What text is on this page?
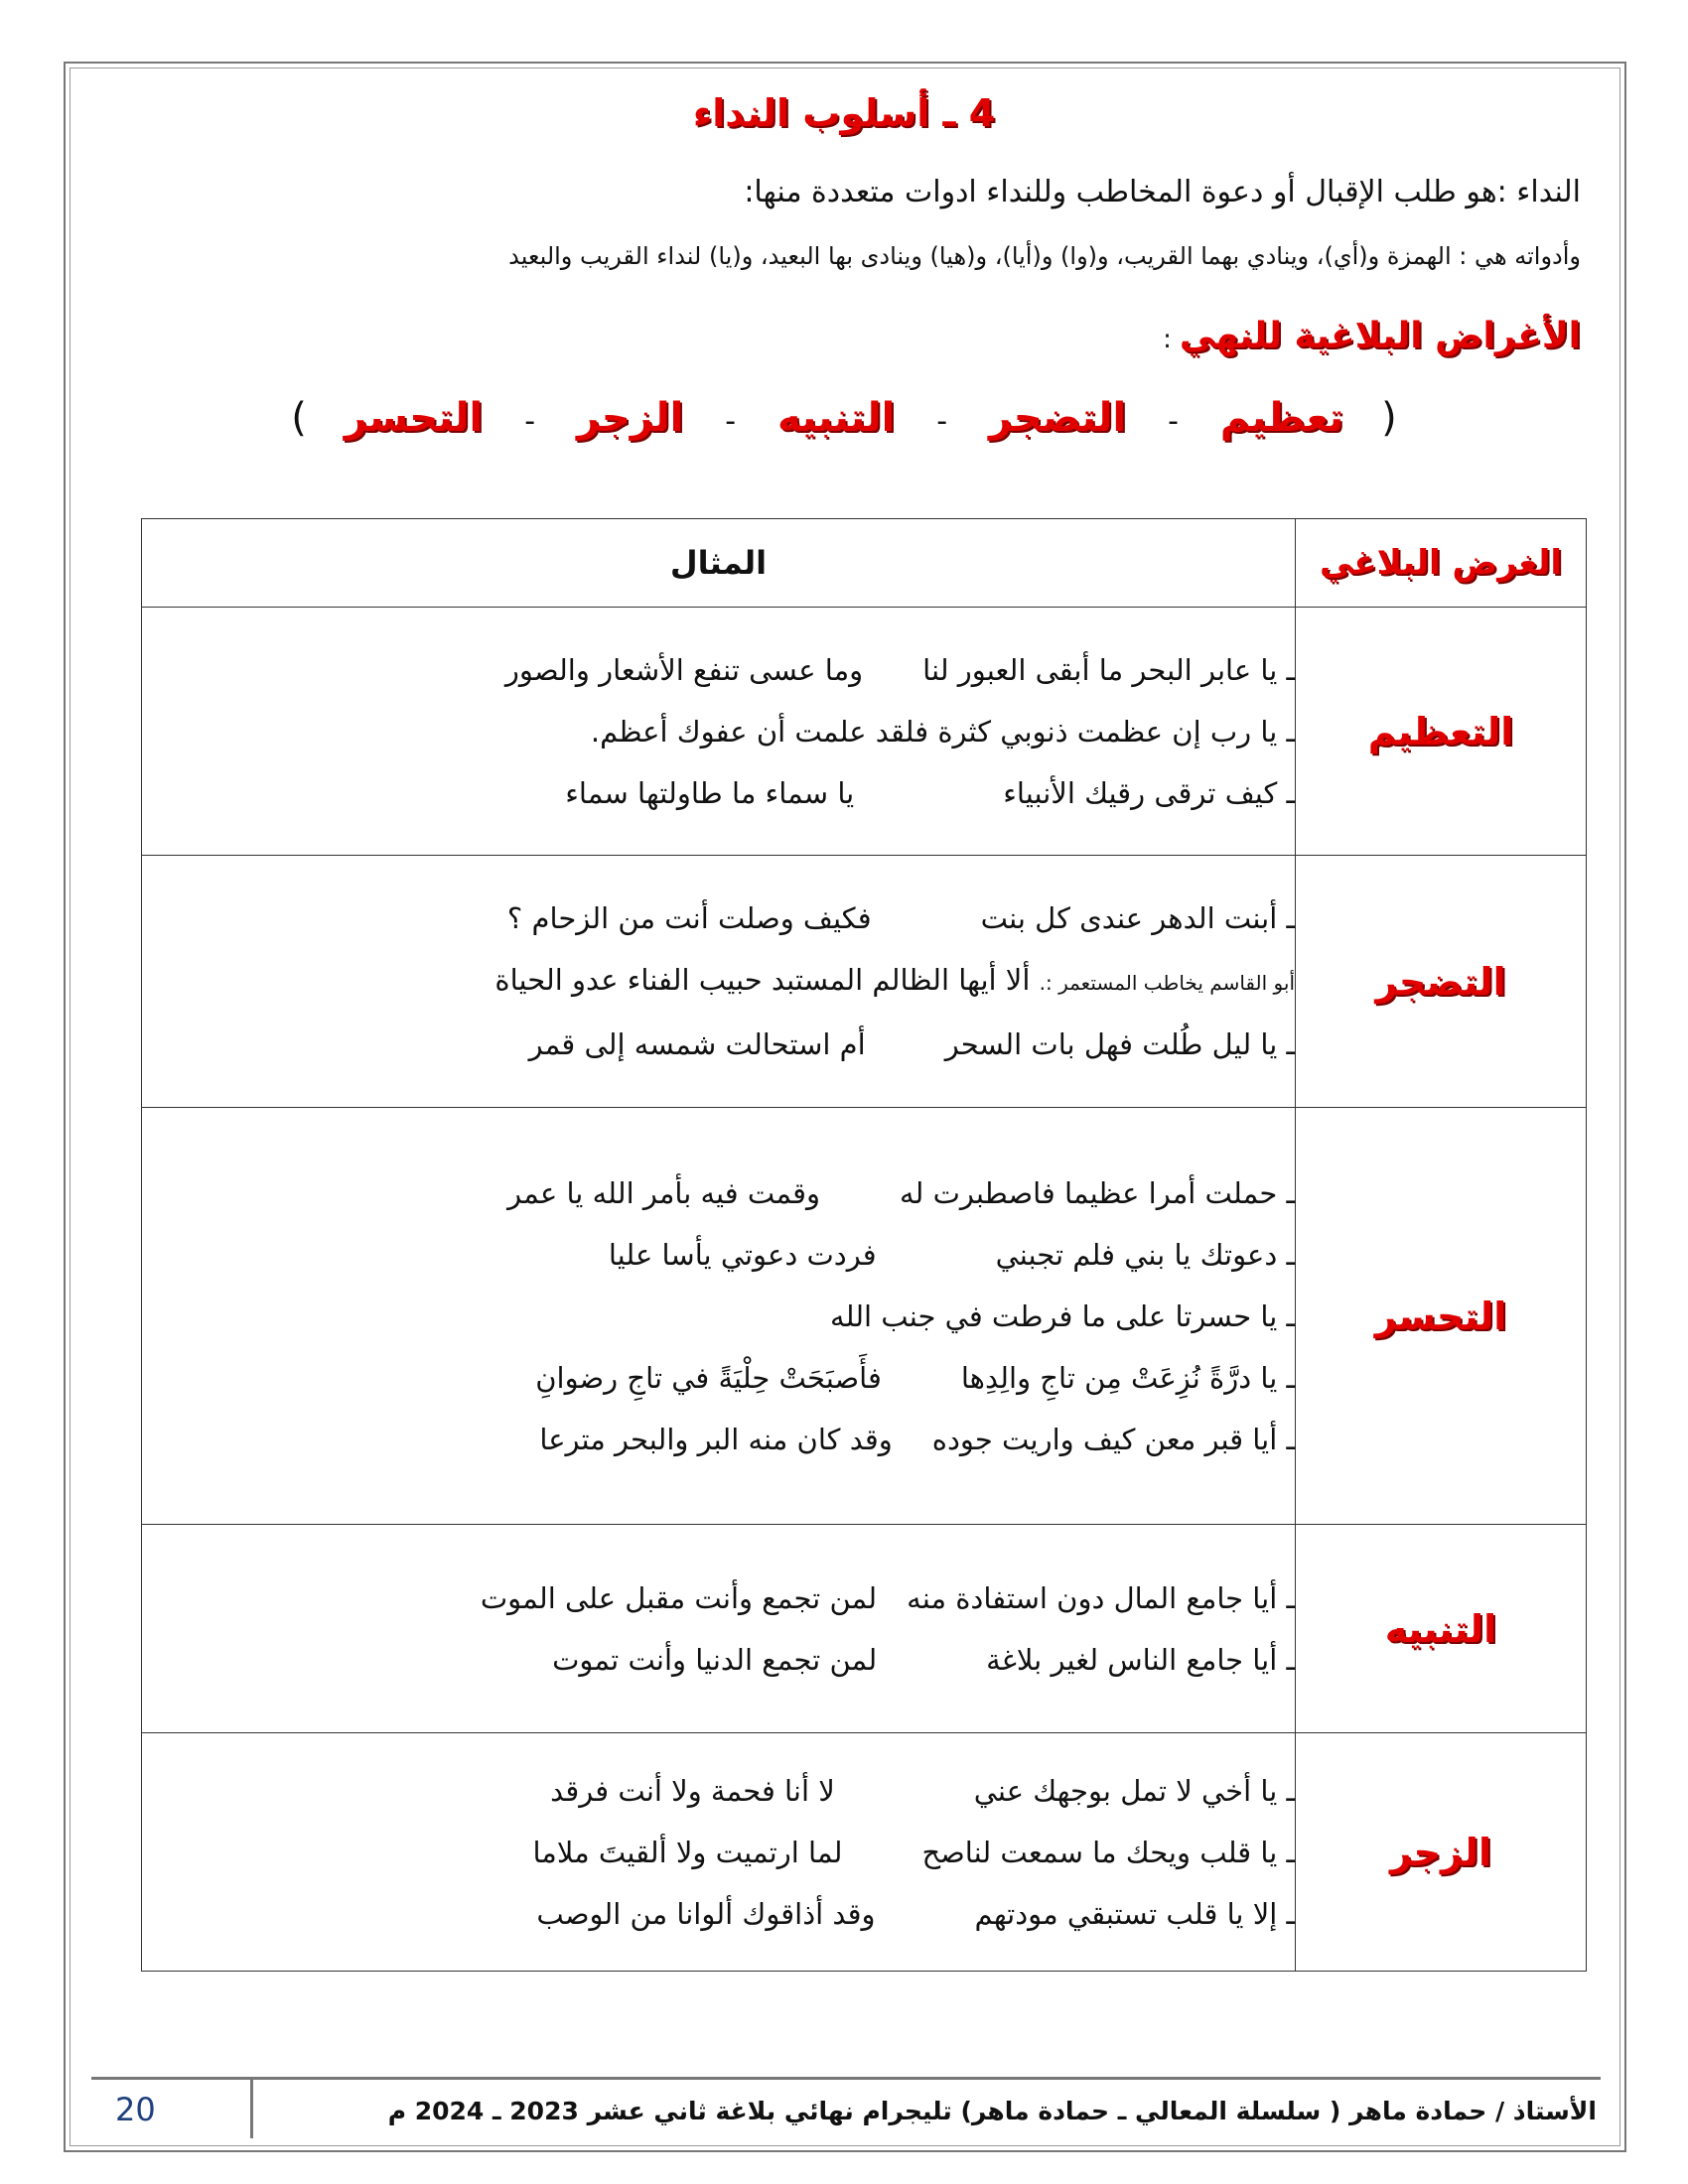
4 ـ أسلوب النداء
النداء :هو طلب الإقبال أو دعوة المخاطب وللنداء ادوات متعددة منها:
وأدواته هي : الهمزة و(أي)، وينادي بهما القريب، و(وا) و(أيا)، و(هيا) وينادى بها البعيد، و(يا) لنداء القريب والبعيد
الأغراض البلاغية للنهي:
( تعظيم - التضجر - التنبيه - الزجر - التحسر )
الغرض البلاغي	المثال
التعظيم	ـ يا عابر البحر ما أبقى العبور لناوما عسى تنفع الأشعار والصور
ـ يا رب إن عظمت ذنوبي كثرة فلقد علمت أن عفوك أعظم.
ـ كيف ترقى رقيك الأنبياءيا سماء ما طاولتها سماء

التضجر	ـ أبنت الدهر عندى كل بنتفكيف وصلت أنت من الزحام ؟
أبو القاسم يخاطب المستعمر :. ألا أيها الظالم المستبد حبيب الفناء عدو الحياة
ـ يا ليل طُلت فهل بات السحرأم استحالت شمسه إلى قمر

التحسر	ـ حملت أمرا عظيما فاصطبرت لهوقمت فيه بأمر الله يا عمر
ـ دعوتك يا بني فلم تجبنيفردت دعوتي يأسا عليا
ـ يا حسرتا على ما فرطت في جنب الله
ـ يا درَّةً نُزِعَتْ مِن تاجِ والِدِهافأَصبَحَتْ حِلْيَةً في تاجِ رضوانِ
ـ أيا قبر معن كيف واريت جودهوقد كان منه البر والبحر مترعا

التنبيه	ـ أيا جامع المال دون استفادة منهلمن تجمع وأنت مقبل على الموت
ـ أيا جامع الناس لغير بلاغةلمن تجمع الدنيا وأنت تموت

الزجر	ـ يا أخي لا تمل بوجهك عنيلا أنا فحمة ولا أنت فرقد
ـ يا قلب ويحك ما سمعت لناصحلما ارتميت ولا ألقيتَ ملاما
ـ إلا يا قلب تستبقي مودتهموقد أذاقوك ألوانا من الوصب
20	الأستاذ / حمادة ماهر ( سلسلة المعالي ـ حمادة ماهر) تليجرام نهائي بلاغة ثاني عشر 2023 ـ 2024 م
